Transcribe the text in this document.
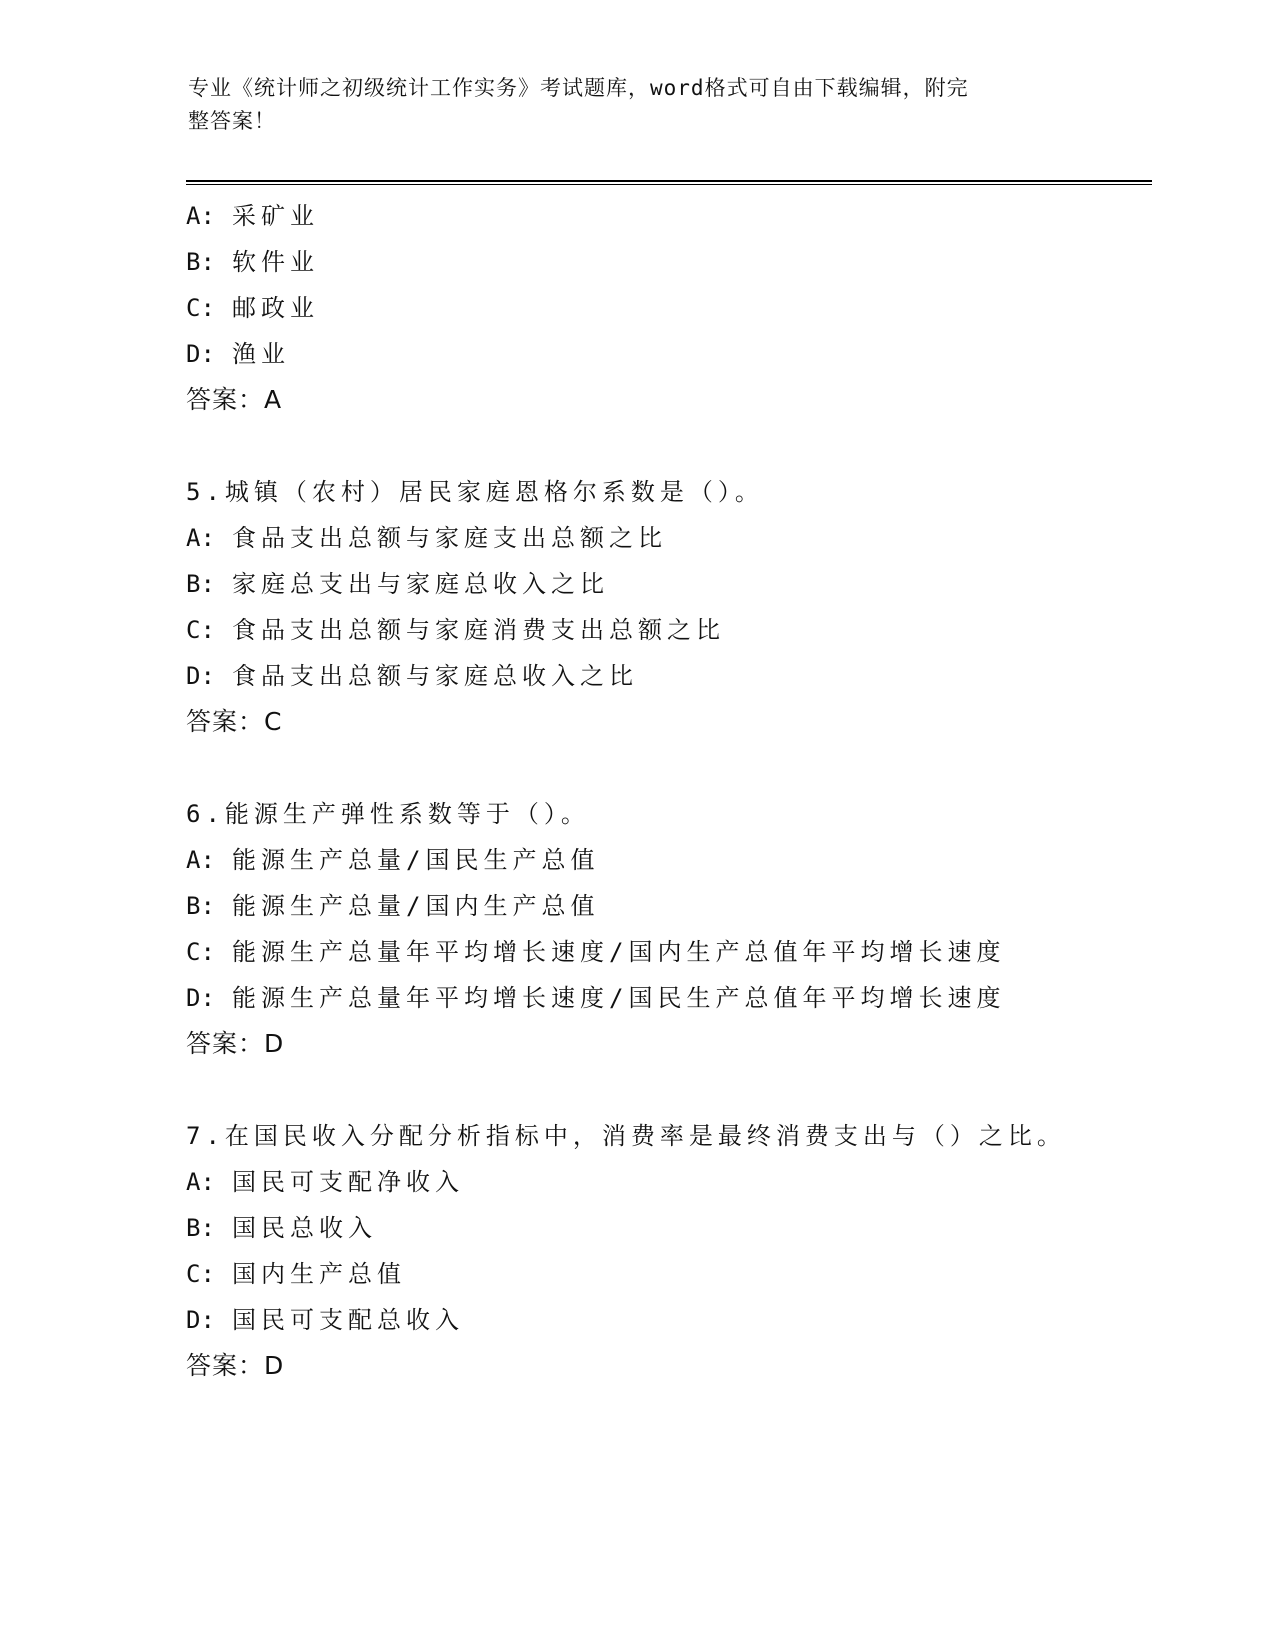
专业《统计师之初级统计工作实务》考试题库，word格式可自由下载编辑，附完
整答案！
A: 采矿业
B: 软件业
C: 邮政业
D: 渔业
答案：A
5.城镇（农村）居民家庭恩格尔系数是（）。
A: 食品支出总额与家庭支出总额之比
B: 家庭总支出与家庭总收入之比
C: 食品支出总额与家庭消费支出总额之比
D: 食品支出总额与家庭总收入之比
答案：C
6.能源生产弹性系数等于（）。
A: 能源生产总量/国民生产总值
B: 能源生产总量/国内生产总值
C: 能源生产总量年平均增长速度/国内生产总值年平均增长速度
D: 能源生产总量年平均增长速度/国民生产总值年平均增长速度
答案：D
7.在国民收入分配分析指标中，消费率是最终消费支出与（）之比。
A: 国民可支配净收入
B: 国民总收入
C: 国内生产总值
D: 国民可支配总收入
答案：D
